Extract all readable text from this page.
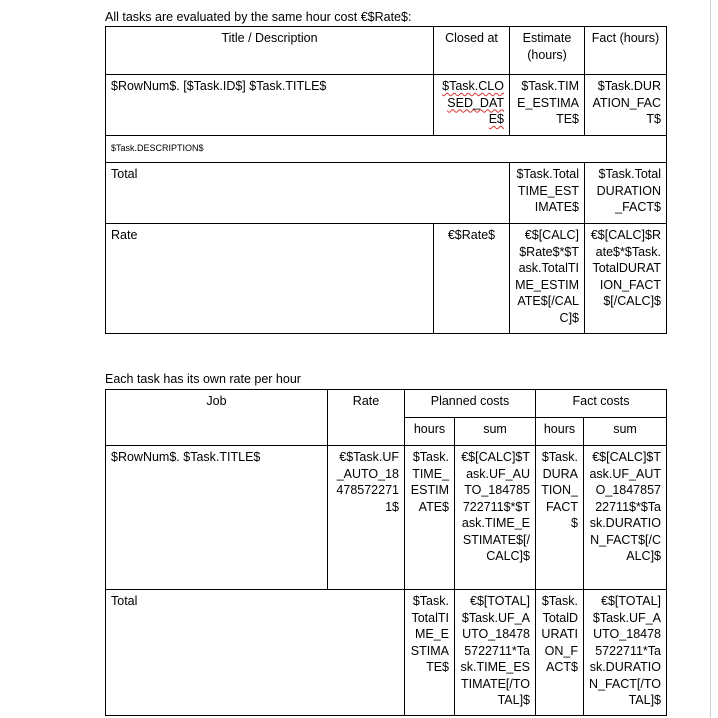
All tasks are evaluated by the same hour cost €$Rate$:
Title / Description	Closed at	Estimate (hours)	Fact (hours)
$RowNum$. [$Task.ID$] $Task.TITLE$	$Task.CLOSED_DATE$	$Task.TIME_ESTIMATE$	$Task.DURATION_FACT$
$Task.DESCRIPTION$			
Total		$Task.TotalTIME_ESTIMATE$	$Task.TotalDURATION_FACT$
Rate	€$Rate$	€$[CALC]$Rate$*$Task.TotalTIME_ESTIMATE$[/CALC]$	€$[CALC]$Rate$*$Task.TotalDURATION_FACT$[/CALC]$
Each task has its own rate per hour
Job	Rate	Planned costs		Fact costs	
		hours	sum	hours	sum
$RowNum$. $Task.TITLE$	€$Task.UF_AUTO_184785722711$	$Task.TIME_ESTIMATE$	€$[CALC]$Task.UF_AUTO_184785722711$*$Task.TIME_ESTIMATE$[/CALC]$	$Task.DURATION_FACT$	€$[CALC]$Task.UF_AUTO_184785722711$*$Task.DURATION_FACT$[/CALC]$
Total		$Task.TotalTIME_ESTIMATE$	€$[TOTAL]$Task.UF_AUTO_184785722711*Task.TIME_ESTIMATE[/TOTAL]$	$Task.TotalDURATION_FACT$	€$[TOTAL]$Task.UF_AUTO_184785722711*Task.DURATION_FACT[/TOTAL]$
